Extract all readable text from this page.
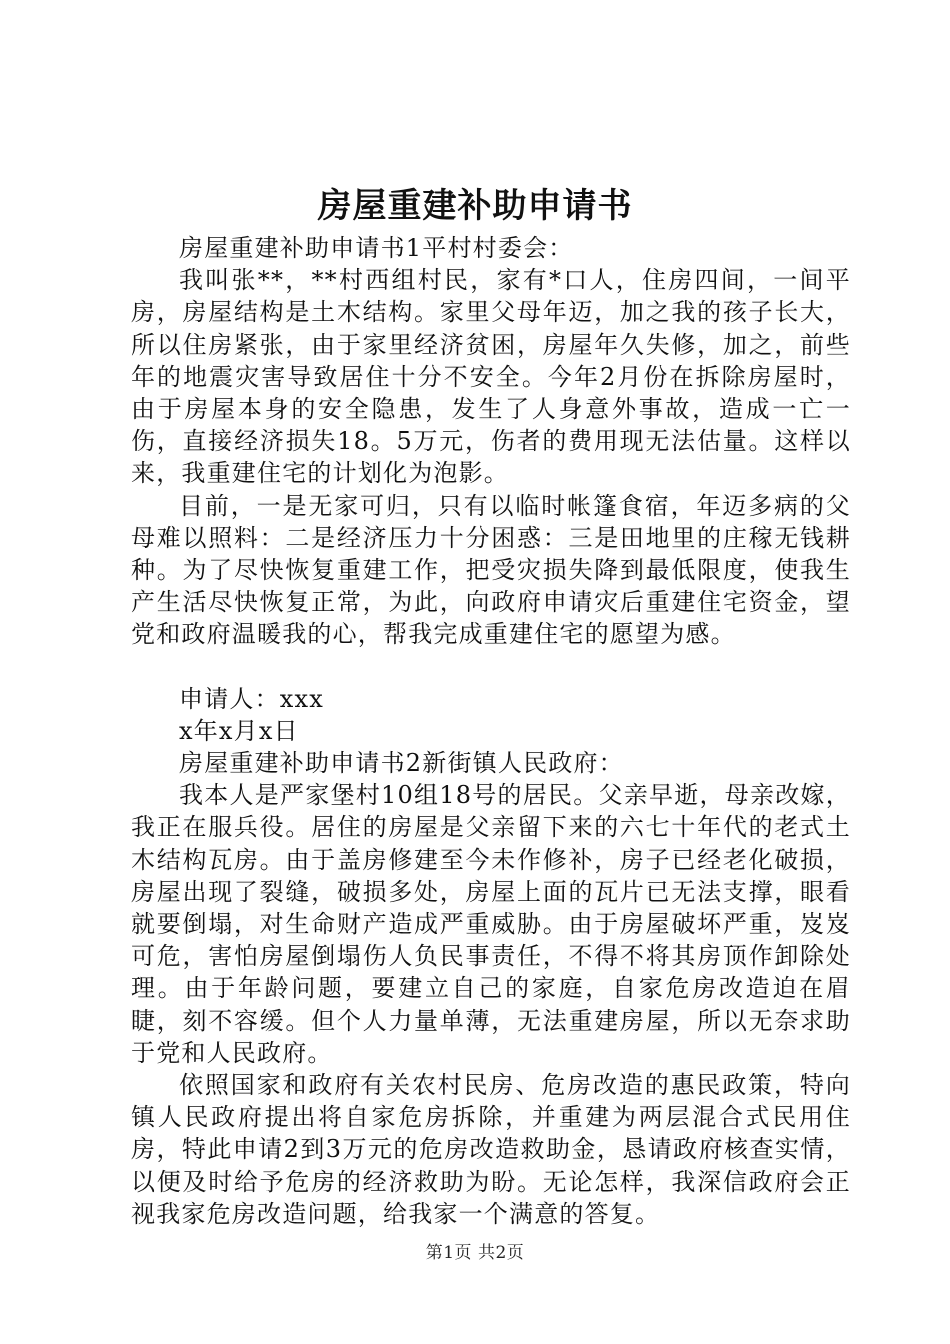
房屋重建补助申请书

房屋重建补助申请书1平村村委会：

我叫张**，**村西组村民，家有*口人，住房四间，一间平房，房屋结构是土木结构。家里父母年迈，加之我的孩子长大，所以住房紧张，由于家里经济贫困，房屋年久失修，加之，前些年的地震灾害导致居住十分不安全。今年2月份在拆除房屋时，由于房屋本身的安全隐患，发生了人身意外事故，造成一亡一伤，直接经济损失18。5万元，伤者的费用现无法估量。这样以来，我重建住宅的计划化为泡影。

目前，一是无家可归，只有以临时帐篷食宿，年迈多病的父母难以照料：二是经济压力十分困惑：三是田地里的庄稼无钱耕种。为了尽快恢复重建工作，把受灾损失降到最低限度，使我生产生活尽快恢复正常，为此，向政府申请灾后重建住宅资金，望党和政府温暖我的心，帮我完成重建住宅的愿望为感。

申请人：xxx

x年x月x日

房屋重建补助申请书2新街镇人民政府：

我本人是严家堡村10组18号的居民。父亲早逝，母亲改嫁，我正在服兵役。居住的房屋是父亲留下来的六七十年代的老式土木结构瓦房。由于盖房修建至今未作修补，房子已经老化破损，房屋出现了裂缝，破损多处，房屋上面的瓦片已无法支撑，眼看就要倒塌，对生命财产造成严重威胁。由于房屋破坏严重，岌岌可危，害怕房屋倒塌伤人负民事责任，不得不将其房顶作卸除处理。由于年龄问题，要建立自己的家庭，自家危房改造迫在眉睫，刻不容缓。但个人力量单薄，无法重建房屋，所以无奈求助于党和人民政府。

依照国家和政府有关农村民房、危房改造的惠民政策，特向镇人民政府提出将自家危房拆除，并重建为两层混合式民用住房，特此申请2到3万元的危房改造救助金，恳请政府核查实情，以便及时给予危房的经济救助为盼。无论怎样，我深信政府会正视我家危房改造问题，给我家一个满意的答复。

第1页 共2页
